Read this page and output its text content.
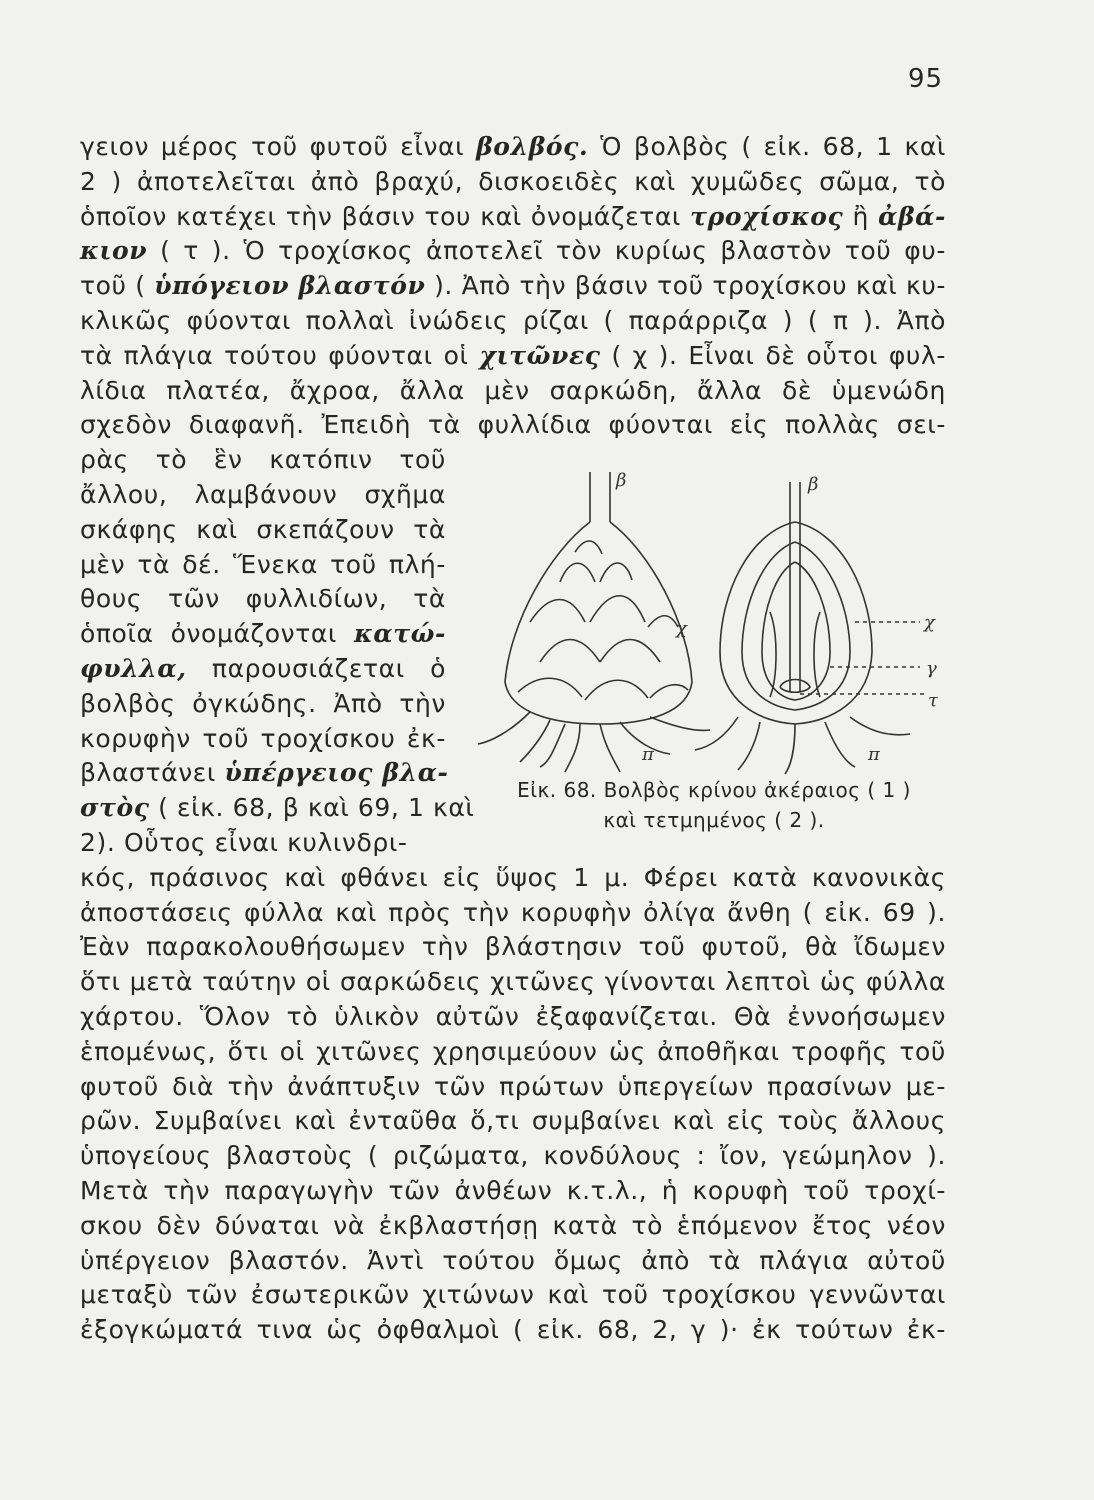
95
γειον μέρος τοῦ φυτοῦ εἶναι βολβός. Ὁ βολβὸς ( εἰκ. 68, 1 καὶ
2 ) ἀποτελεῖται ἀπὸ βραχύ, δισκοειδὲς καὶ χυμῶδες σῶμα, τὸ
ὁποῖον κατέχει τὴν βάσιν του καὶ ὀνομάζεται τροχίσκος ἢ ἀβά-
κιον ( τ ). Ὁ τροχίσκος ἀποτελεῖ τὸν κυρίως βλαστὸν τοῦ φυ-
τοῦ ( ὑπόγειον βλαστόν ). Ἀπὸ τὴν βάσιν τοῦ τροχίσκου καὶ κυ-
κλικῶς φύονται πολλαὶ ἰνώδεις ρίζαι ( παράρριζα ) ( π ). Ἀπὸ
τὰ πλάγια τούτου φύονται οἱ χιτῶνες ( χ ). Εἶναι δὲ οὗτοι φυλ-
λίδια πλατέα, ἄχροα, ἄλλα μὲν σαρκώδη, ἄλλα δὲ ὑμενώδη
σχεδὸν διαφανῆ. Ἐπειδὴ τὰ φυλλίδια φύονται εἰς πολλὰς σει-
ρὰς τὸ ἓν κατόπιν τοῦ
ἄλλου, λαμβάνουν σχῆμα
σκάφης καὶ σκεπάζουν τὰ
μὲν τὰ δέ. Ἕνεκα τοῦ πλή-
θους τῶν φυλλιδίων, τὰ
ὁποῖα ὀνομάζονται κατώ-
φυλλα, παρουσιάζεται ὁ
βολβὸς ὀγκώδης. Ἀπὸ τὴν
κορυφὴν τοῦ τροχίσκου ἐκ-
βλαστάνει ὑπέργειος βλα-
στὸς ( εἰκ. 68, β καὶ 69, 1 καὶ
2). Οὗτος εἶναι κυλινδρι-
κός, πράσινος καὶ φθάνει εἰς ὕψος 1 μ. Φέρει κατὰ κανονικὰς
ἀποστάσεις φύλλα καὶ πρὸς τὴν κορυφὴν ὀλίγα ἄνθη ( εἰκ. 69 ).
Ἐὰν παρακολουθήσωμεν τὴν βλάστησιν τοῦ φυτοῦ, θὰ ἴδωμεν
ὅτι μετὰ ταύτην οἱ σαρκώδεις χιτῶνες γίνονται λεπτοὶ ὡς φύλλα
χάρτου. Ὅλον τὸ ὑλικὸν αὐτῶν ἐξαφανίζεται. Θὰ ἐννοήσωμεν
ἑπομένως, ὅτι οἱ χιτῶνες χρησιμεύουν ὡς ἀποθῆκαι τροφῆς τοῦ
φυτοῦ διὰ τὴν ἀνάπτυξιν τῶν πρώτων ὑπεργείων πρασίνων με-
ρῶν. Συμβαίνει καὶ ἐνταῦθα ὅ,τι συμβαίνει καὶ εἰς τοὺς ἄλλους
ὑπογείους βλαστοὺς ( ριζώματα, κονδύλους : ἴον, γεώμηλον ).
Μετὰ τὴν παραγωγὴν τῶν ἀνθέων κ.τ.λ., ἡ κορυφὴ τοῦ τροχί-
σκου δὲν δύναται νὰ ἐκβλαστήσῃ κατὰ τὸ ἑπόμενον ἔτος νέον
ὑπέργειον βλαστόν. Ἀντὶ τούτου ὅμως ἀπὸ τὰ πλάγια αὐτοῦ
μεταξὺ τῶν ἐσωτερικῶν χιτώνων καὶ τοῦ τροχίσκου γεννῶνται
ἐξογκώματά τινα ὡς ὀφθαλμοὶ ( εἰκ. 68, 2, γ )· ἐκ τούτων ἐκ-
β	β
χ	χ
γ
τ
π	π
Εἰκ. 68. Βολβὸς κρίνου ἀκέραιος ( 1 )
καὶ τετμημένος ( 2 ).
